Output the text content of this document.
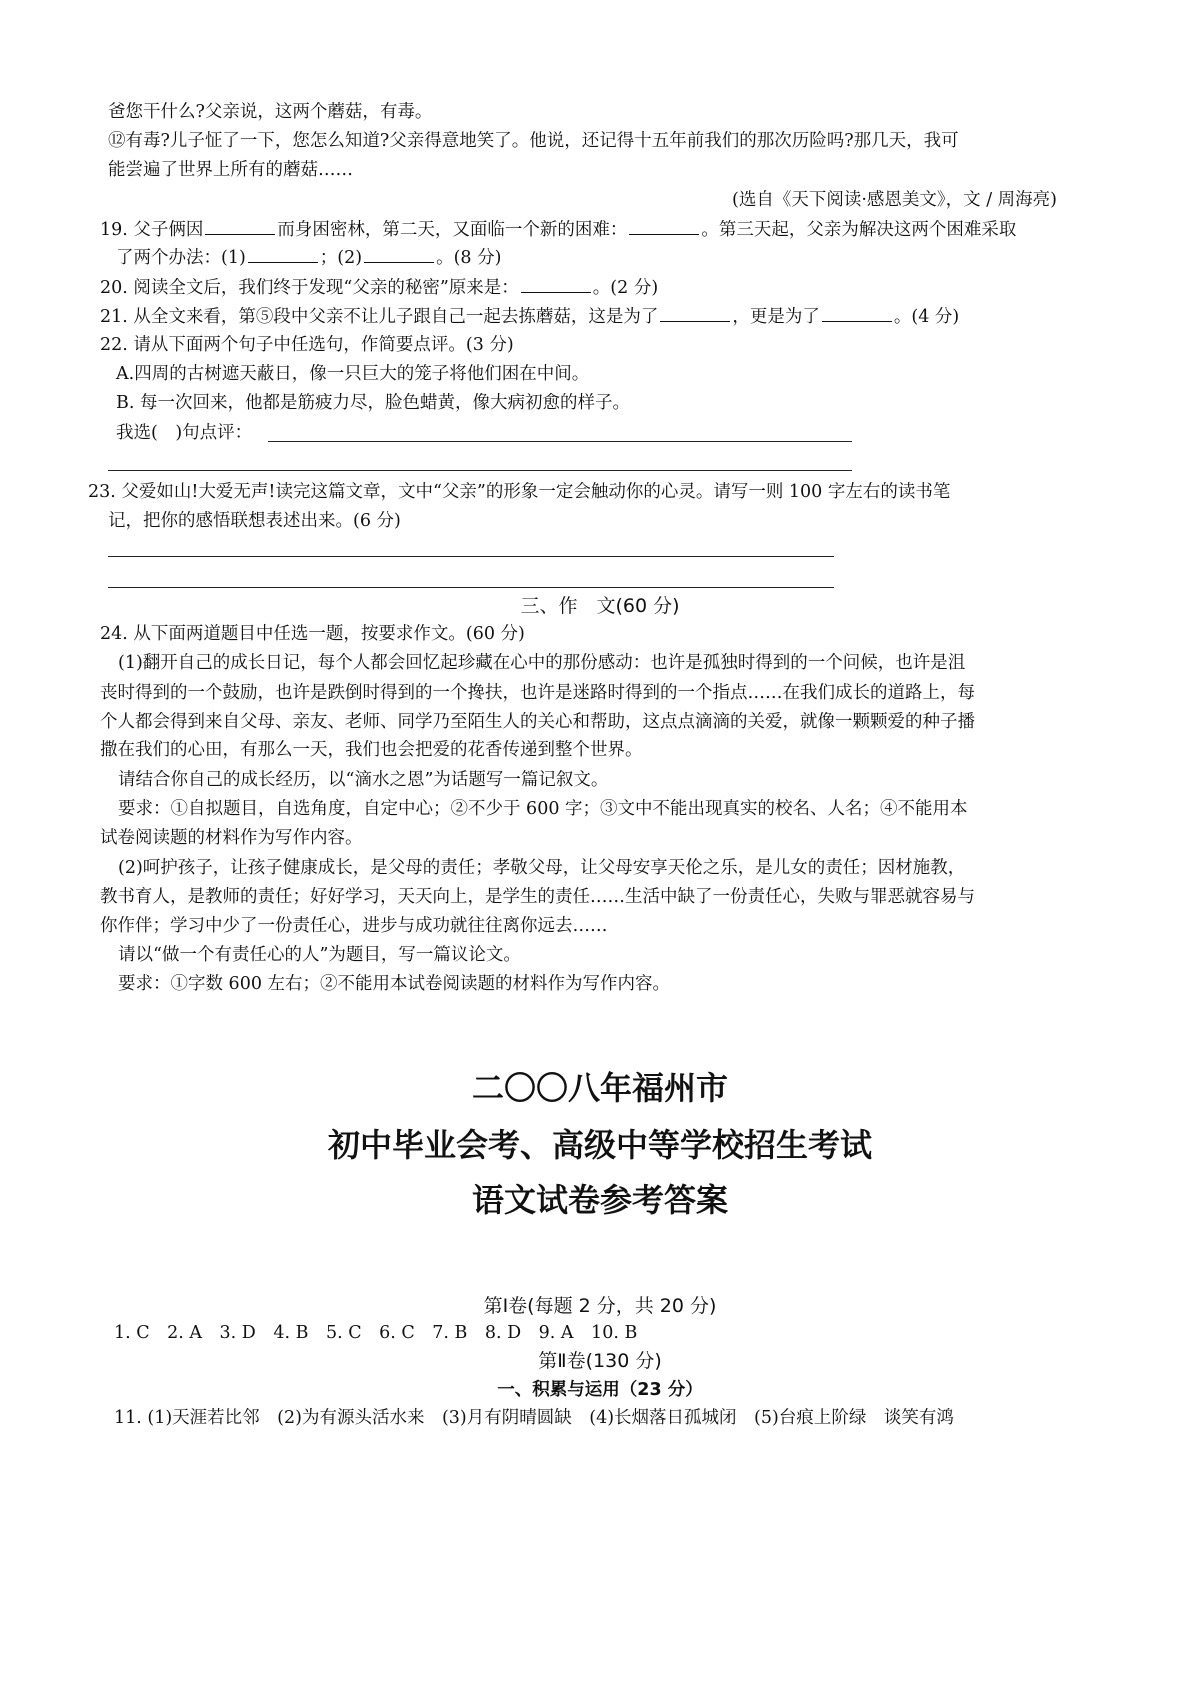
爸您干什么?父亲说，这两个蘑菇，有毒。
⑫有毒?儿子怔了一下，您怎么知道?父亲得意地笑了。他说，还记得十五年前我们的那次历险吗?那几天，我可
能尝遍了世界上所有的蘑菇……
(选自《天下阅读·感恩美文》，文 / 周海亮)
19. 父子俩因	而身困密林，第二天，又面临一个新的困难：	。第三天起，父亲为解决这两个困难采取
了两个办法：(1)	；(2)	。(8 分)
20. 阅读全文后，我们终于发现“父亲的秘密”原来是：	。(2 分)
21. 从全文来看，第⑤段中父亲不让儿子跟自己一起去拣蘑菇，这是为了	，更是为了	。(4 分)
22. 请从下面两个句子中任选句，作简要点评。(3 分)
A.四周的古树遮天蔽日，像一只巨大的笼子将他们困在中间。
B. 每一次回来，他都是筋疲力尽，脸色蜡黄，像大病初愈的样子。
我选(　)句点评：
23. 父爱如山!大爱无声!读完这篇文章，文中“父亲”的形象一定会触动你的心灵。请写一则 100 字左右的读书笔
记，把你的感悟联想表述出来。(6 分)
三、作　文(60 分)
24. 从下面两道题目中任选一题，按要求作文。(60 分)
(1)翻开自己的成长日记，每个人都会回忆起珍藏在心中的那份感动：也许是孤独时得到的一个问候，也许是沮
丧时得到的一个鼓励，也许是跌倒时得到的一个搀扶，也许是迷路时得到的一个指点……在我们成长的道路上，每
个人都会得到来自父母、亲友、老师、同学乃至陌生人的关心和帮助，这点点滴滴的关爱，就像一颗颗爱的种子播
撒在我们的心田，有那么一天，我们也会把爱的花香传递到整个世界。
请结合你自己的成长经历，以“滴水之恩”为话题写一篇记叙文。
要求：①自拟题目，自选角度，自定中心；②不少于 600 字；③文中不能出现真实的校名、人名；④不能用本
试卷阅读题的材料作为写作内容。
(2)呵护孩子，让孩子健康成长，是父母的责任；孝敬父母，让父母安享天伦之乐，是儿女的责任；因材施教，
教书育人，是教师的责任；好好学习，天天向上，是学生的责任……生活中缺了一份责任心，失败与罪恶就容易与
你作伴；学习中少了一份责任心，进步与成功就往往离你远去……
请以“做一个有责任心的人”为题目，写一篇议论文。
要求：①字数 600 左右；②不能用本试卷阅读题的材料作为写作内容。
二〇〇八年福州市
初中毕业会考、高级中等学校招生考试
语文试卷参考答案
第Ⅰ卷(每题 2 分，共 20 分)
1. C　2. A　3. D　4. B　5. C　6. C　7. B　8. D　9. A　10. B
第Ⅱ卷(130 分)
一、积累与运用（23 分）
11. (1)天涯若比邻　(2)为有源头活水来　(3)月有阴晴圆缺　(4)长烟落日孤城闭　(5)台痕上阶绿　谈笑有鸿
